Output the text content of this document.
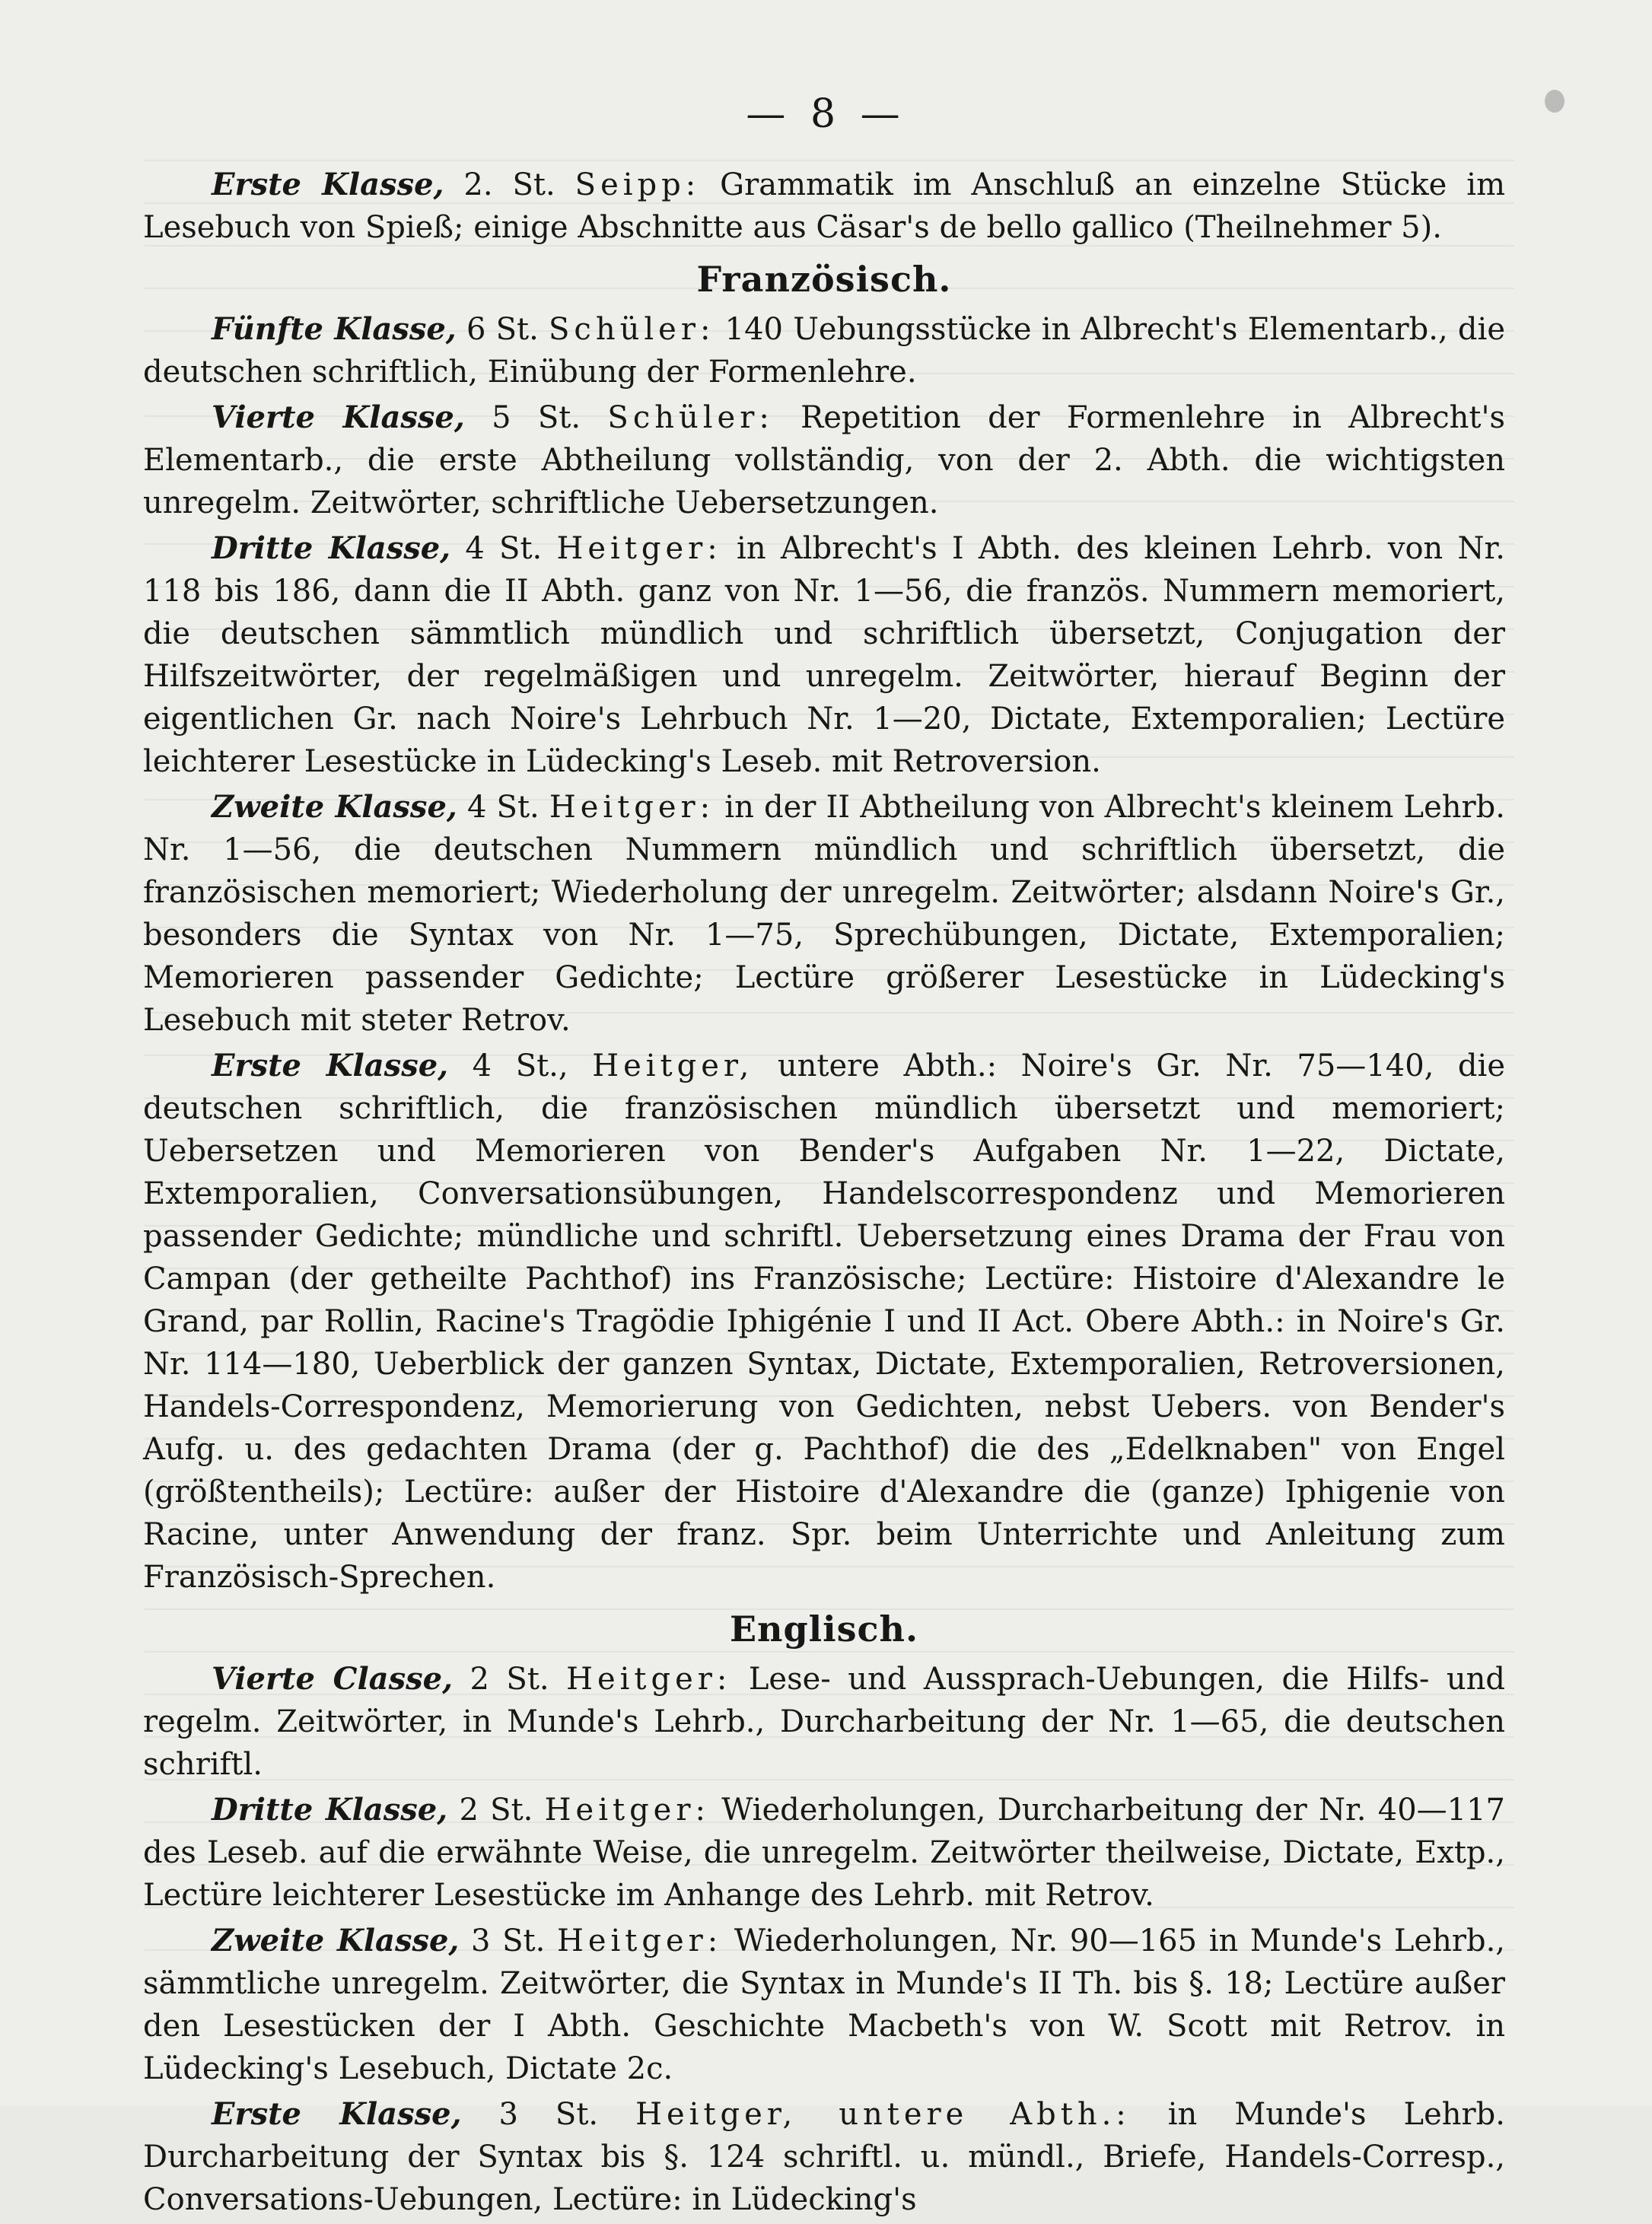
— 8 —

Erste Klasse, 2. St. Seipp: Grammatik im Anschluß an einzelne Stücke im Lesebuch von Spieß; einige Abschnitte aus Cäsar's de bello gallico (Theilnehmer 5).

Französisch.

Fünfte Klasse, 6 St. Schüler: 140 Uebungsstücke in Albrecht's Elementarb., die deutschen schriftlich, Einübung der Formenlehre.

Vierte Klasse, 5 St. Schüler: Repetition der Formenlehre in Albrecht's Elementarb., die erste Abtheilung vollständig, von der 2. Abth. die wichtigsten unregelm. Zeitwörter, schriftliche Uebersetzungen.

Dritte Klasse, 4 St. Heitger: in Albrecht's I Abth. des kleinen Lehrb. von Nr. 118 bis 186, dann die II Abth. ganz von Nr. 1—56, die französ. Nummern memoriert, die deutschen sämmtlich mündlich und schriftlich übersetzt, Conjugation der Hilfszeitwörter, der regelmäßigen und unregelm. Zeitwörter, hierauf Beginn der eigentlichen Gr. nach Noire's Lehrbuch Nr. 1—20, Dictate, Extemporalien; Lectüre leichterer Lesestücke in Lüdecking's Leseb. mit Retroversion.

Zweite Klasse, 4 St. Heitger: in der II Abtheilung von Albrecht's kleinem Lehrb. Nr. 1—56, die deutschen Nummern mündlich und schriftlich übersetzt, die französischen memoriert; Wiederholung der unregelm. Zeitwörter; alsdann Noire's Gr., besonders die Syntax von Nr. 1—75, Sprechübungen, Dictate, Extemporalien; Memorieren passender Gedichte; Lectüre größerer Lesestücke in Lüdecking's Lesebuch mit steter Retrov.

Erste Klasse, 4 St., Heitger, untere Abth.: Noire's Gr. Nr. 75—140, die deutschen schriftlich, die französischen mündlich übersetzt und memoriert; Uebersetzen und Memorieren von Bender's Aufgaben Nr. 1—22, Dictate, Extemporalien, Conversationsübungen, Handelscorrespondenz und Memorieren passender Gedichte; mündliche und schriftl. Uebersetzung eines Drama der Frau von Campan (der getheilte Pachthof) ins Französische; Lectüre: Histoire d'Alexandre le Grand, par Rollin, Racine's Tragödie Iphigénie I und II Act. Obere Abth.: in Noire's Gr. Nr. 114—180, Ueberblick der ganzen Syntax, Dictate, Extemporalien, Retroversionen, Handels-Correspondenz, Memorierung von Gedichten, nebst Uebers. von Bender's Aufg. u. des gedachten Drama (der g. Pachthof) die des „Edelknaben" von Engel (größtentheils); Lectüre: außer der Histoire d'Alexandre die (ganze) Iphigenie von Racine, unter Anwendung der franz. Spr. beim Unterrichte und Anleitung zum Französisch-Sprechen.

Englisch.

Vierte Classe, 2 St. Heitger: Lese- und Aussprach-Uebungen, die Hilfs- und regelm. Zeitwörter, in Munde's Lehrb., Durcharbeitung der Nr. 1—65, die deutschen schriftl.

Dritte Klasse, 2 St. Heitger: Wiederholungen, Durcharbeitung der Nr. 40—117 des Leseb. auf die erwähnte Weise, die unregelm. Zeitwörter theilweise, Dictate, Extp., Lectüre leichterer Lesestücke im Anhange des Lehrb. mit Retrov.

Zweite Klasse, 3 St. Heitger: Wiederholungen, Nr. 90—165 in Munde's Lehrb., sämmtliche unregelm. Zeitwörter, die Syntax in Munde's II Th. bis §. 18; Lectüre außer den Lesestücken der I Abth. Geschichte Macbeth's von W. Scott mit Retrov. in Lüdecking's Lesebuch, Dictate 2c.

Erste Klasse, 3 St. Heitger, untere Abth.: in Munde's Lehrb. Durcharbeitung der Syntax bis §. 124 schriftl. u. mündl., Briefe, Handels-Corresp., Conversations-Uebungen, Lectüre: in Lüdecking's
